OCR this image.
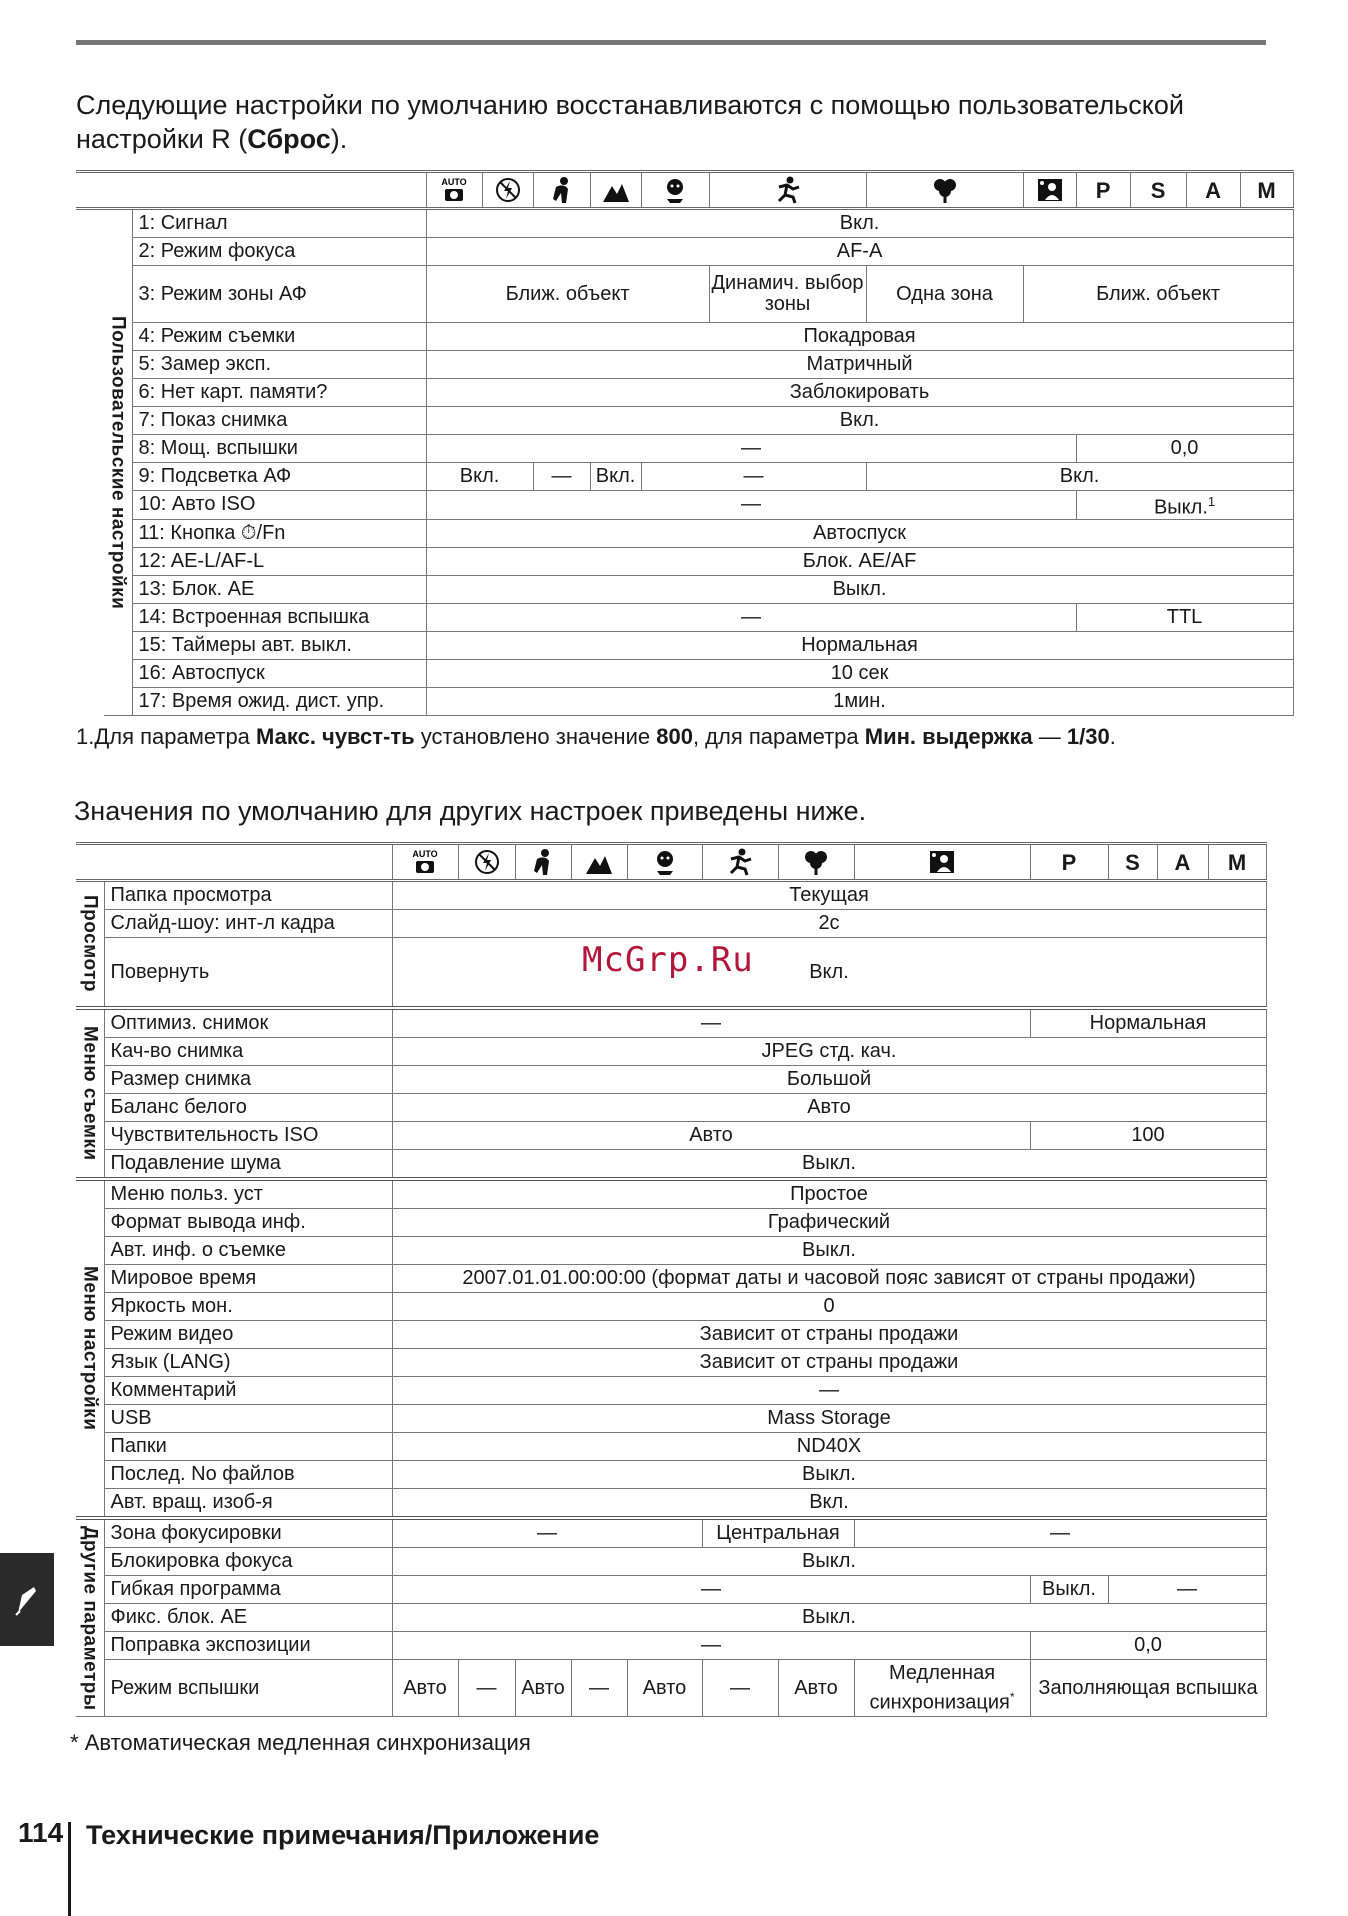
Следующие настройки по умолчанию восстанавливаются с помощью пользовательской настройки R (Сброс).

AUTO								P	S	A	M

	Пользовательские настройки	1: Сигнал	Вкл.											
		2: Режим фокуса	AF-A											
		3: Режим зоны АФ	Ближ. объект					Динамич. выбор зоны	Одна зона	Ближ. объект				
		4: Режим съемки	Покадровая											
		5: Замер эксп.	Матричный											
		6: Нет карт. памяти?	Заблокировать											
		7: Показ снимка	Вкл.											
		8: Мощ. вспышки	—								0,0			
		9: Подсветка АФ	Вкл.		—	Вкл.	—		Вкл.					
		10: Авто ISO	—								Выкл.$^1$
		11: Кнопка ⏱/Fn	Автоспуск											
		12: AE-L/AF-L	Блок. AE/AF											
		13: Блок. AE	Выкл.											
		14: Встроенная вспышка	—								TTL			
		15: Таймеры авт. выкл.	Нормальная											
		16: Автоспуск	10 сек											
		17: Время ожид. дист. упр.	1мин.											
1.Для параметра Макс. чувст-ть установлено значение 800, для параметра Мин. выдержка — 1/30.
Значения по умолчанию для других настроек приведены ниже.

AUTO								P	S	A	M

Просмотр	Папка просмотра	Текущая											
	Слайд-шоу: инт-л кадра	2с											
	Повернуть	Вкл.											

Меню съемки	Оптимиз. снимок	—								Нормальная			
	Кач-во снимка	JPEG стд. кач.											
	Размер снимка	Большой											
	Баланс белого	Авто											
	Чувствительность ISO	Авто								100			
	Подавление шума	Выкл.											

Меню настройки	Меню польз. уст	Простое											
	Формат вывода инф.	Графический											
	Авт. инф. о съемке	Выкл.											
	Мировое время	2007.01.01.00:00:00 (формат даты и часовой пояс зависят от страны продажи)											
	Яркость мон.	0											
	Режим видео	Зависит от страны продажи											
	Язык (LANG)	Зависит от страны продажи											
	Комментарий	—											
	USB	Mass Storage											
	Папки	ND40X											
	Послед. No файлов	Выкл.											
	Авт. вращ. изоб-я	Вкл.											

Другие параметры	Зона фокусировки	—					Центральная		—				
	Блокировка фокуса	Выкл.											
	Гибкая программа	—								Выкл.	—		
	Фикс. блок. AE	Выкл.											
	Поправка экспозиции	—								0,0			
	Режим вспышки	Авто	—	Авто	—	Авто	—	Авто	Медленная синхронизация*	Заполняющая вспышка			
* Автоматическая медленная синхронизация
McGrp.Ru
114 Технические примечания/Приложение
